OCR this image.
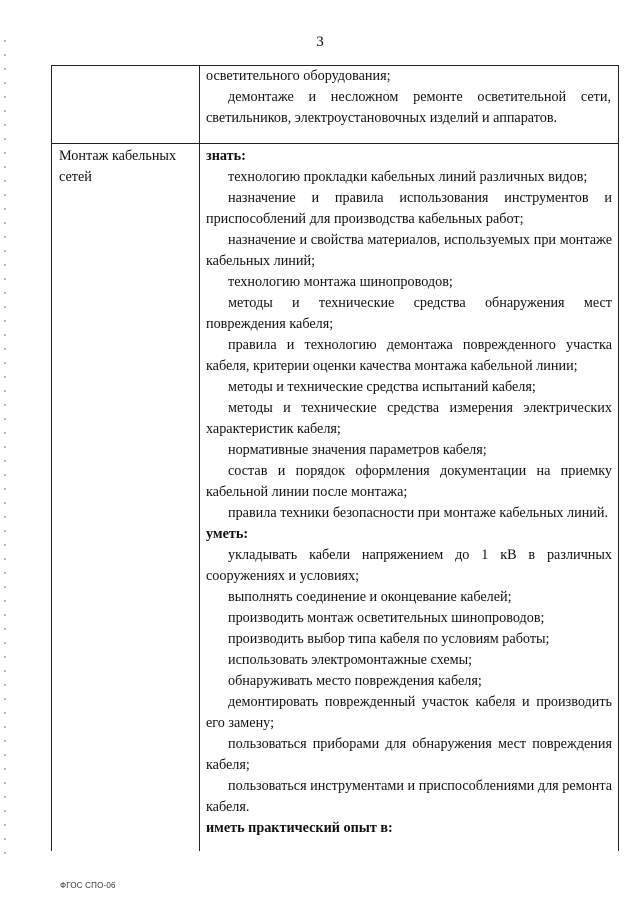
3

осветительного оборудования;

демонтаже и несложном ремонте осветительной сети, светильников, электроустановочных изделий и аппаратов.

Монтаж кабельных сетей

знать:

технологию прокладки кабельных линий различных видов;

назначение и правила использования инструментов и приспособлений для производства кабельных работ;

назначение и свойства материалов, используемых при монтаже кабельных линий;

технологию монтажа шинопроводов;

методы и технические средства обнаружения мест повреждения кабеля;

правила и технологию демонтажа поврежденного участка кабеля, критерии оценки качества монтажа кабельной линии;

методы и технические средства испытаний кабеля;

методы и технические средства измерения электрических характеристик кабеля;

нормативные значения параметров кабеля;

состав и порядок оформления документации на приемку кабельной линии после монтажа;

правила техники безопасности при монтаже кабельных линий.

уметь:

укладывать кабели напряжением до 1 кВ в различных сооружениях и условиях;

выполнять соединение и оконцевание кабелей;

производить монтаж осветительных шинопроводов;

производить выбор типа кабеля по условиям работы;

использовать электромонтажные схемы;

обнаруживать место повреждения кабеля;

демонтировать поврежденный участок кабеля и производить его замену;

пользоваться приборами для обнаружения мест повреждения кабеля;

пользоваться инструментами и приспособлениями для ремонта кабеля.

иметь практический опыт в:

ФГОС СПО-06
